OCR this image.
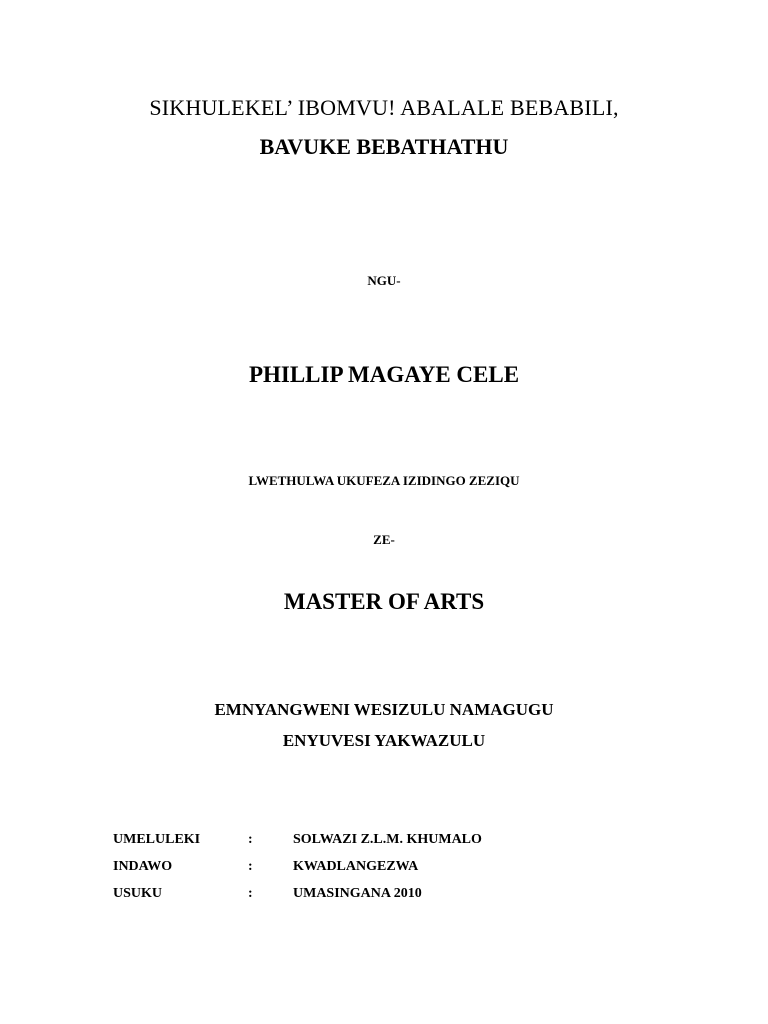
SIKHULEKEL’ IBOMVU! ABALALE BEBABILI,
BAVUKE BEBATHATHU
NGU-
PHILLIP MAGAYE CELE
LWETHULWA UKUFEZA IZIDINGO ZEZIQU
ZE-
MASTER OF ARTS
EMNYANGWENI WESIZULU NAMAGUGU
ENYUVESI YAKWAZULU
UMELULEKI	:	SOLWAZI Z.L.M. KHUMALO
INDAWO	:	KWADLANGEZWA
USUKU	:	UMASINGANA 2010
